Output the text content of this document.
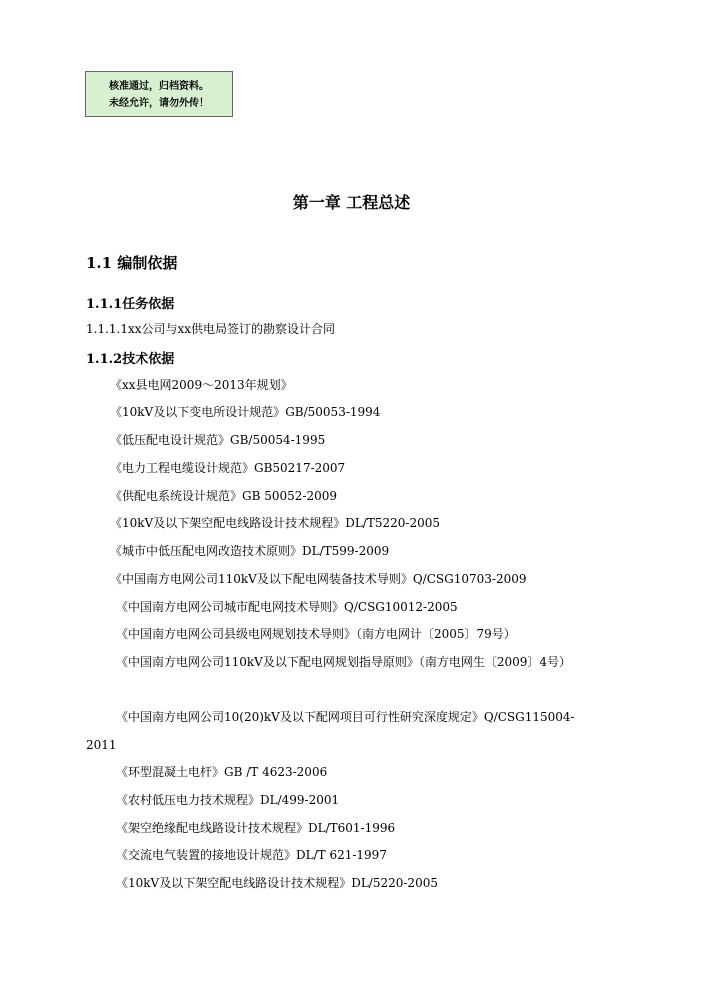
核准通过，归档资料。
未经允许，请勿外传！
第一章 工程总述
1.1 编制依据
1.1.1任务依据
1.1.1.1xx公司与xx供电局签订的勘察设计合同
1.1.2技术依据
《xx县电网2009～2013年规划》
《10kV及以下变电所设计规范》GB/50053-1994
《低压配电设计规范》GB/50054-1995
《电力工程电缆设计规范》GB50217-2007
《供配电系统设计规范》GB 50052-2009
《10kV及以下架空配电线路设计技术规程》DL/T5220-2005
《城市中低压配电网改造技术原则》DL/T599-2009
《中国南方电网公司110kV及以下配电网装备技术导则》Q/CSG10703-2009
《中国南方电网公司城市配电网技术导则》Q/CSG10012-2005
《中国南方电网公司县级电网规划技术导则》（南方电网计〔2005〕79号）
《中国南方电网公司110kV及以下配电网规划指导原则》（南方电网生〔2009〕4号）
《中国南方电网公司10(20)kV及以下配网项目可行性研究深度规定》Q/CSG115004-
2011
《环型混凝土电杆》GB /T 4623-2006
《农村低压电力技术规程》DL/499-2001
《架空绝缘配电线路设计技术规程》DL/T601-1996
《交流电气装置的接地设计规范》DL/T 621-1997
《10kV及以下架空配电线路设计技术规程》DL/5220-2005
